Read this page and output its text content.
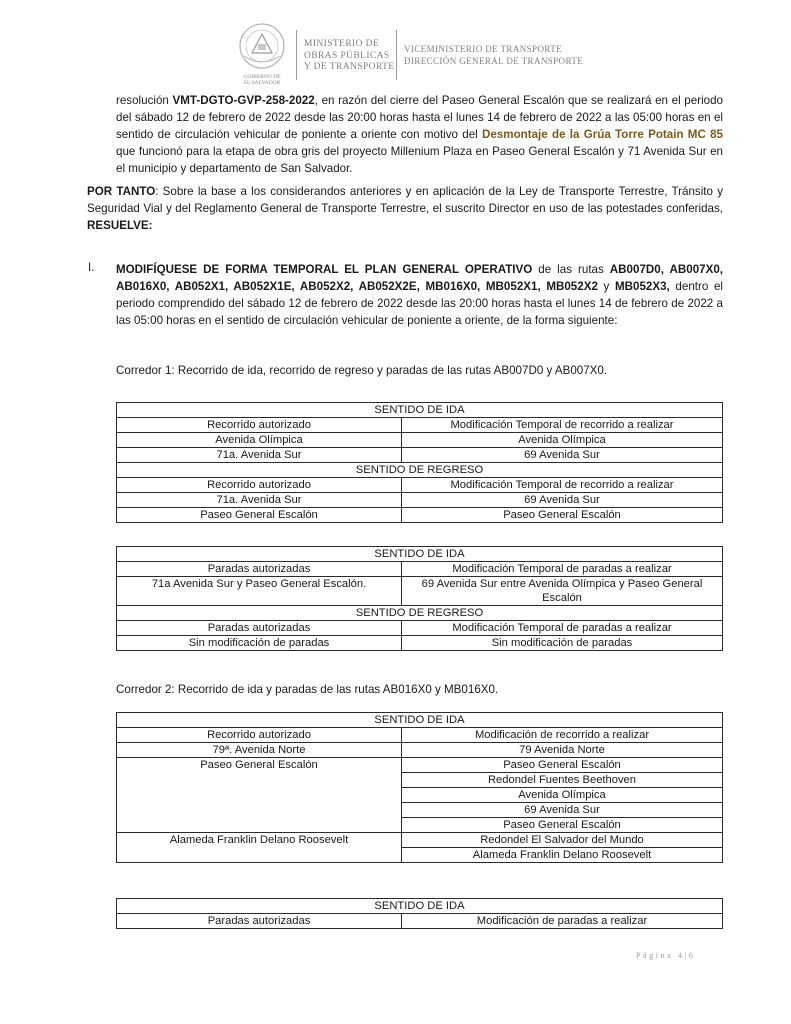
GOBIERNO DE
EL SALVADOR
MINISTERIO DE
OBRAS PÚBLICAS
Y DE TRANSPORTE
VICEMINISTERIO DE TRANSPORTE
DIRECCIÓN GENERAL DE TRANSPORTE

resolución VMT-DGTO-GVP-258-2022, en razón del cierre del Paseo General Escalón que se realizará en el periodo del sábado 12 de febrero de 2022 desde las 20:00 horas hasta el lunes 14 de febrero de 2022 a las 05:00 horas en el sentido de circulación vehicular de poniente a oriente con motivo del Desmontaje de la Grúa Torre Potain MC 85 que funcionó para la etapa de obra gris del proyecto Millenium Plaza en Paseo General Escalón y 71 Avenida Sur en el municipio y departamento de San Salvador.

POR TANTO: Sobre la base a los considerandos anteriores y en aplicación de la Ley de Transporte Terrestre, Tránsito y Seguridad Vial y del Reglamento General de Transporte Terrestre, el suscrito Director en uso de las potestades conferidas, RESUELVE:

I. MODIFÍQUESE DE FORMA TEMPORAL EL PLAN GENERAL OPERATIVO de las rutas AB007D0, AB007X0, AB016X0, AB052X1, AB052X1E, AB052X2, AB052X2E, MB016X0, MB052X1, MB052X2 y MB052X3, dentro el periodo comprendido del sábado 12 de febrero de 2022 desde las 20:00 horas hasta el lunes 14 de febrero de 2022 a las 05:00 horas en el sentido de circulación vehicular de poniente a oriente, de la forma siguiente:

Corredor 1: Recorrido de ida, recorrido de regreso y paradas de las rutas AB007D0 y AB007X0.
SENTIDO DE IDA	
Recorrido autorizado	Modificación Temporal de recorrido a realizar
Avenida Olímpica	Avenida Olímpica
71a. Avenida Sur	69 Avenida Sur
SENTIDO DE REGRESO	
Recorrido autorizado	Modificación Temporal de recorrido a realizar
71a. Avenida Sur	69 Avenida Sur
Paseo General Escalón	Paseo General Escalón
SENTIDO DE IDA	
Paradas autorizadas	Modificación Temporal de paradas a realizar
71a Avenida Sur y Paseo General Escalón.	69 Avenida Sur entre Avenida Olímpica y Paseo General Escalón
SENTIDO DE REGRESO	
Paradas autorizadas	Modificación Temporal de paradas a realizar
Sin modificación de paradas	Sin modificación de paradas
Corredor 2: Recorrido de ida y paradas de las rutas AB016X0 y MB016X0.
SENTIDO DE IDA	
Recorrido autorizado	Modificación de recorrido a realizar
79ª. Avenida Norte	79 Avenida Norte
Paseo General Escalón	Paseo General Escalón
	Redondel Fuentes Beethoven
	Avenida Olímpica
	69 Avenida Sur
	Paseo General Escalón
Alameda Franklin Delano Roosevelt	Redondel El Salvador del Mundo
	Alameda Franklin Delano Roosevelt
SENTIDO DE IDA
Paradas autorizadas	Modificación de paradas a realizar
Página 4|6
